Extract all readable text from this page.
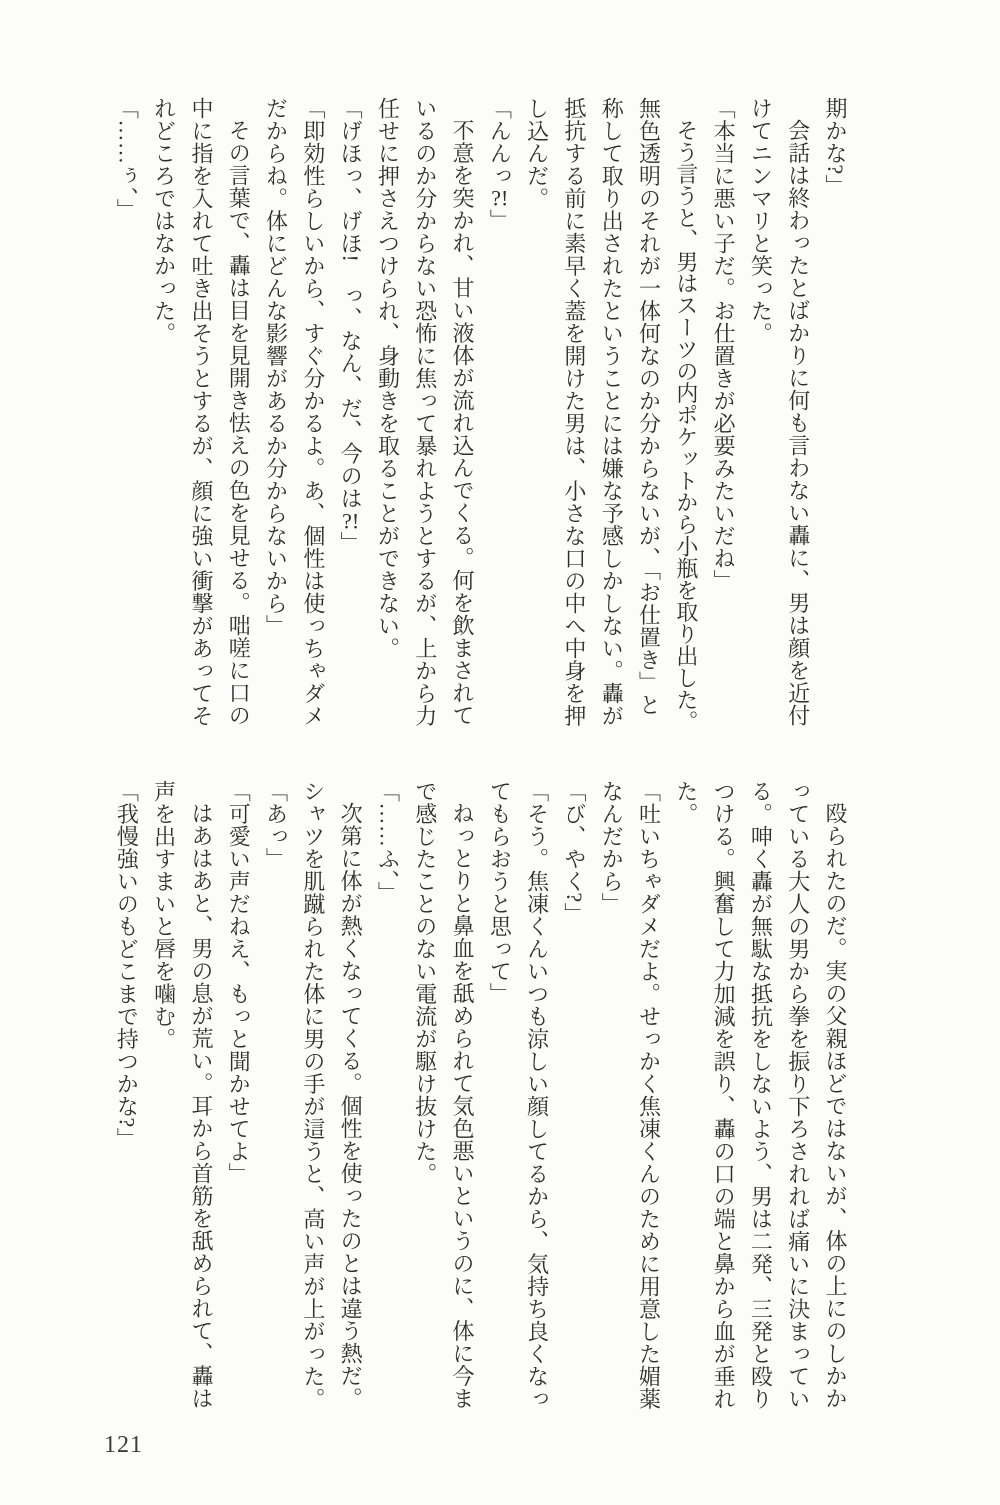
期かな?」

会話は終わったとばかりに何も言わない轟に、男は顔を近付けてニンマリと笑った。

「本当に悪い子だ。お仕置きが必要みたいだね」

そう言うと、男はスーツの内ポケットから小瓶を取り出した。

無色透明のそれが一体何なのか分からないが、「お仕置き」と称して取り出されたということには嫌な予感しかしない。轟が抵抗する前に素早く蓋を開けた男は、小さな口の中へ中身を押し込んだ。

「んんっ?!」

不意を突かれ、甘い液体が流れ込んでくる。何を飲まされているのか分からない恐怖に焦って暴れようとするが、上から力任せに押さえつけられ、身動きを取ることができない。

「げほっ、げほ!　っ、なん、だ、今のは?!」

「即効性らしいから、すぐ分かるよ。あ、個性は使っちゃダメだからね。体にどんな影響があるか分からないから」

その言葉で、轟は目を見開き怯えの色を見せる。咄嗟に口の中に指を入れて吐き出そうとするが、顔に強い衝撃があってそれどころではなかった。

「……ぅ、」

殴られたのだ。実の父親ほどではないが、体の上にのしかかっている大人の男から拳を振り下ろされれば痛いに決まっている。呻く轟が無駄な抵抗をしないよう、男は二発、三発と殴りつける。興奮して力加減を誤り、轟の口の端と鼻から血が垂れた。

「吐いちゃダメだよ。せっかく焦凍くんのために用意した媚薬なんだから」

「び、やく?」

「そう。焦凍くんいつも涼しい顔してるから、気持ち良くなってもらおうと思って」

ねっとりと鼻血を舐められて気色悪いというのに、体に今まで感じたことのない電流が駆け抜けた。

「……ふ、」

次第に体が熱くなってくる。個性を使ったのとは違う熱だ。シャツを肌蹴られた体に男の手が這うと、高い声が上がった。

「あっ」

「可愛い声だねえ、もっと聞かせてよ」

はあはあと、男の息が荒い。耳から首筋を舐められて、轟は声を出すまいと唇を噛む。

「我慢強いのもどこまで持つかな?」

121
